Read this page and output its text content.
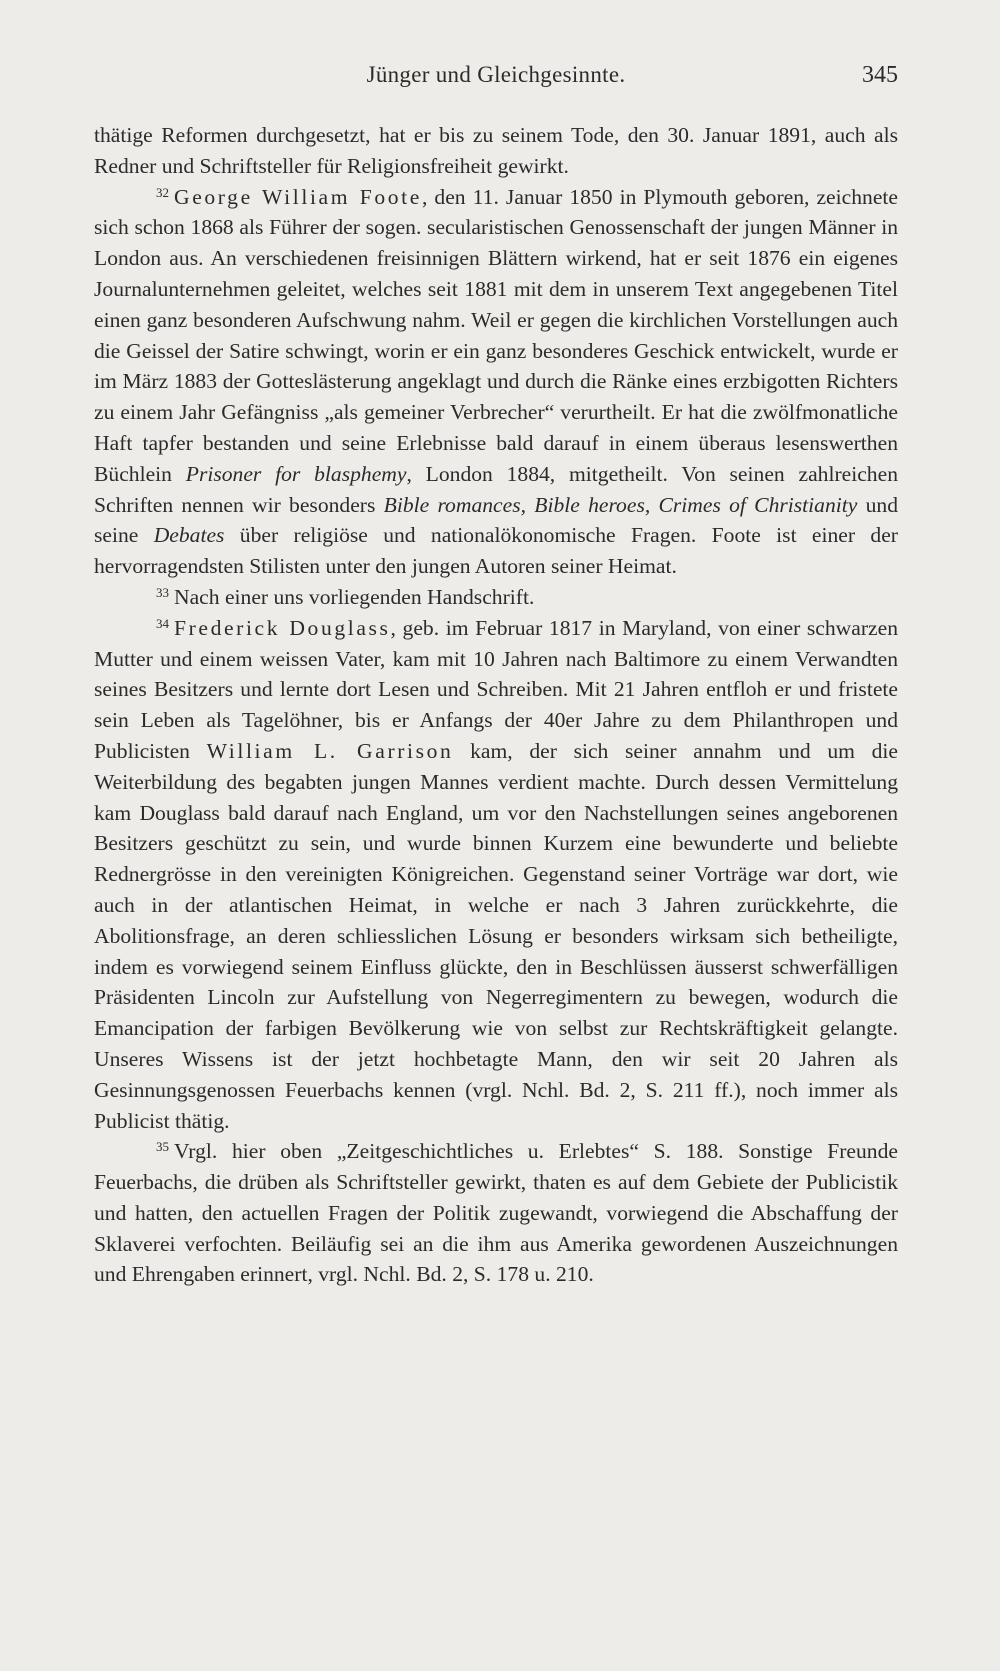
Jünger und Gleichgesinnte.	345

thätige Reformen durchgesetzt, hat er bis zu seinem Tode, den 30. Januar 1891, auch als Redner und Schriftsteller für Religionsfreiheit gewirkt.

$^{32}$ George William Foote, den 11. Januar 1850 in Plymouth geboren, zeichnete sich schon 1868 als Führer der sogen. secularistischen Genossenschaft der jungen Männer in London aus. An verschiedenen freisinnigen Blättern wirkend, hat er seit 1876 ein eigenes Journalunternehmen geleitet, welches seit 1881 mit dem in unserem Text angegebenen Titel einen ganz besonderen Aufschwung nahm. Weil er gegen die kirchlichen Vorstellungen auch die Geissel der Satire schwingt, worin er ein ganz besonderes Geschick entwickelt, wurde er im März 1883 der Gotteslästerung angeklagt und durch die Ränke eines erzbigotten Richters zu einem Jahr Gefängniss „als gemeiner Verbrecher“ verurtheilt. Er hat die zwölfmonatliche Haft tapfer bestanden und seine Erlebnisse bald darauf in einem überaus lesenswerthen Büchlein Prisoner for blasphemy, London 1884, mitgetheilt. Von seinen zahlreichen Schriften nennen wir besonders Bible romances, Bible heroes, Crimes of Christianity und seine Debates über religiöse und nationalökonomische Fragen. Foote ist einer der hervorragendsten Stilisten unter den jungen Autoren seiner Heimat.

$^{33}$ Nach einer uns vorliegenden Handschrift.

$^{34}$ Frederick Douglass, geb. im Februar 1817 in Maryland, von einer schwarzen Mutter und einem weissen Vater, kam mit 10 Jahren nach Baltimore zu einem Verwandten seines Besitzers und lernte dort Lesen und Schreiben. Mit 21 Jahren entfloh er und fristete sein Leben als Tagelöhner, bis er Anfangs der 40er Jahre zu dem Philanthropen und Publicisten William L. Garrison kam, der sich seiner annahm und um die Weiterbildung des begabten jungen Mannes verdient machte. Durch dessen Vermittelung kam Douglass bald darauf nach England, um vor den Nachstellungen seines angeborenen Besitzers geschützt zu sein, und wurde binnen Kurzem eine bewunderte und beliebte Rednergrösse in den vereinigten Königreichen. Gegenstand seiner Vorträge war dort, wie auch in der atlantischen Heimat, in welche er nach 3 Jahren zurückkehrte, die Abolitionsfrage, an deren schliesslichen Lösung er besonders wirksam sich betheiligte, indem es vorwiegend seinem Einfluss glückte, den in Beschlüssen äusserst schwerfälligen Präsidenten Lincoln zur Aufstellung von Negerregimentern zu bewegen, wodurch die Emancipation der farbigen Bevölkerung wie von selbst zur Rechtskräftigkeit gelangte. Unseres Wissens ist der jetzt hochbetagte Mann, den wir seit 20 Jahren als Gesinnungsgenossen Feuerbachs kennen (vrgl. Nchl. Bd. 2, S. 211 ff.), noch immer als Publicist thätig.

$^{35}$ Vrgl. hier oben „Zeitgeschichtliches u. Erlebtes“ S. 188. Sonstige Freunde Feuerbachs, die drüben als Schriftsteller gewirkt, thaten es auf dem Gebiete der Publicistik und hatten, den actuellen Fragen der Politik zugewandt, vorwiegend die Abschaffung der Sklaverei verfochten. Beiläufig sei an die ihm aus Amerika gewordenen Auszeichnungen und Ehrengaben erinnert, vrgl. Nchl. Bd. 2, S. 178 u. 210.
